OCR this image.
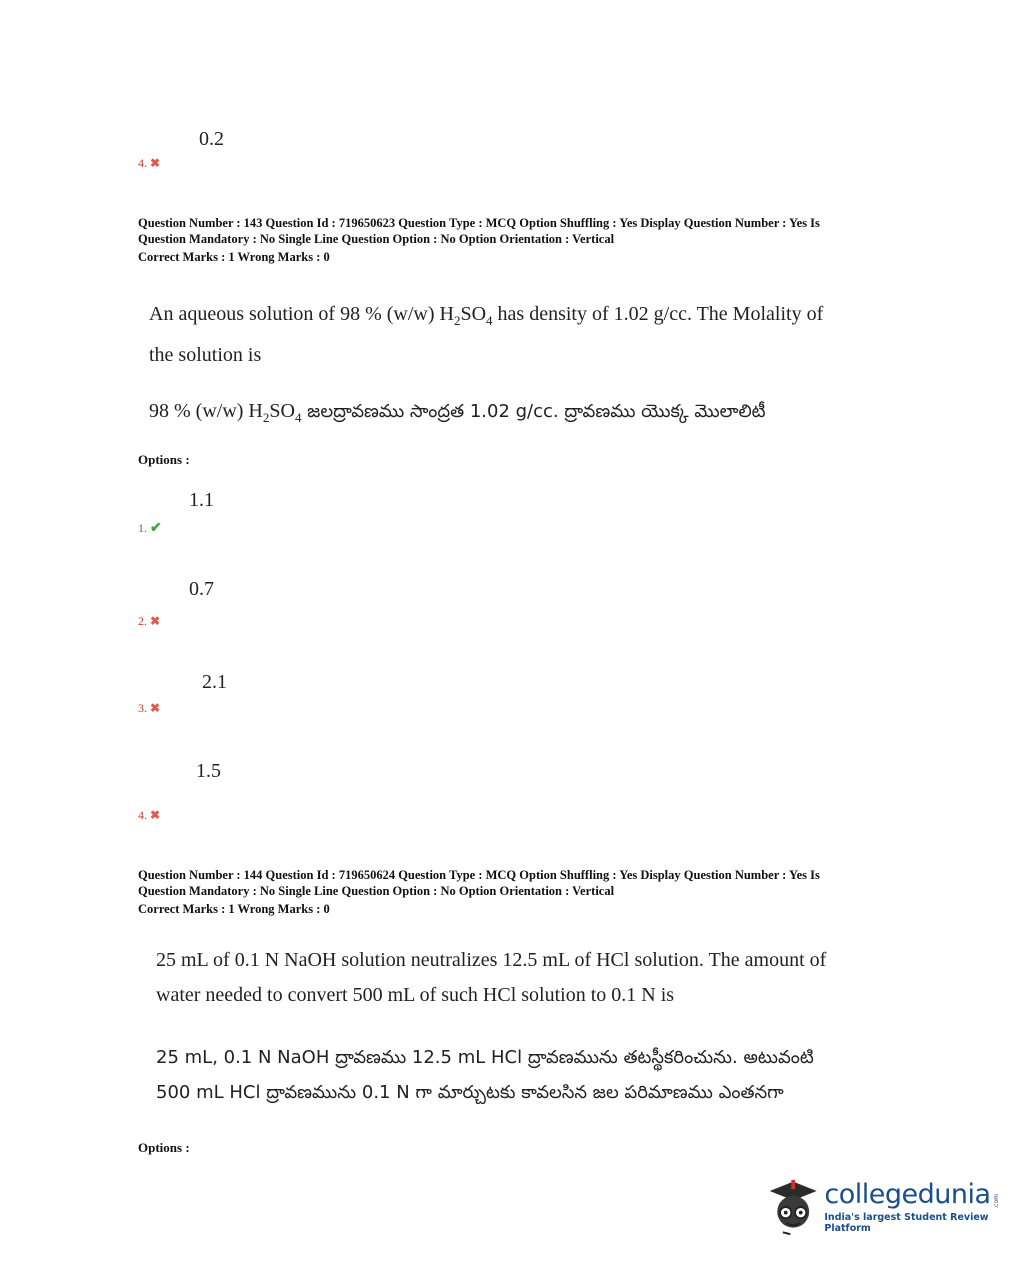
0.2
4. ✖
Question Number : 143 Question Id : 719650623 Question Type : MCQ Option Shuffling : Yes Display Question Number : Yes Is
Question Mandatory : No Single Line Question Option : No Option Orientation : Vertical
Correct Marks : 1 Wrong Marks : 0
An aqueous solution of 98 % (w/w) $H_2SO_4$ has density of 1.02 g/cc. The Molality of
the solution is
98 % (w/w) $H_2SO_4$ జలద్రావణము సాంద్రత 1.02 g/cc. ద్రావణము యొక్క మొలాలిటీ
Options :
1.1
1. ✔
0.7
2. ✖
2.1
3. ✖
1.5
4. ✖
Question Number : 144 Question Id : 719650624 Question Type : MCQ Option Shuffling : Yes Display Question Number : Yes Is
Question Mandatory : No Single Line Question Option : No Option Orientation : Vertical
Correct Marks : 1 Wrong Marks : 0
25 mL of 0.1 N NaOH solution neutralizes 12.5 mL of HCl solution. The amount of
water needed to convert 500 mL of such HCl solution to 0.1 N is
25 mL, 0.1 N NaOH ద్రావణము 12.5 mL HCl ద్రావణమును తటస్థీకరించును. అటువంటి
500 mL HCl ద్రావణమును 0.1 N గా మార్చుటకు కావలసిన జల పరిమాణము ఎంతనగా
Options :
collegedunia .com
India's largest Student Review Platform
